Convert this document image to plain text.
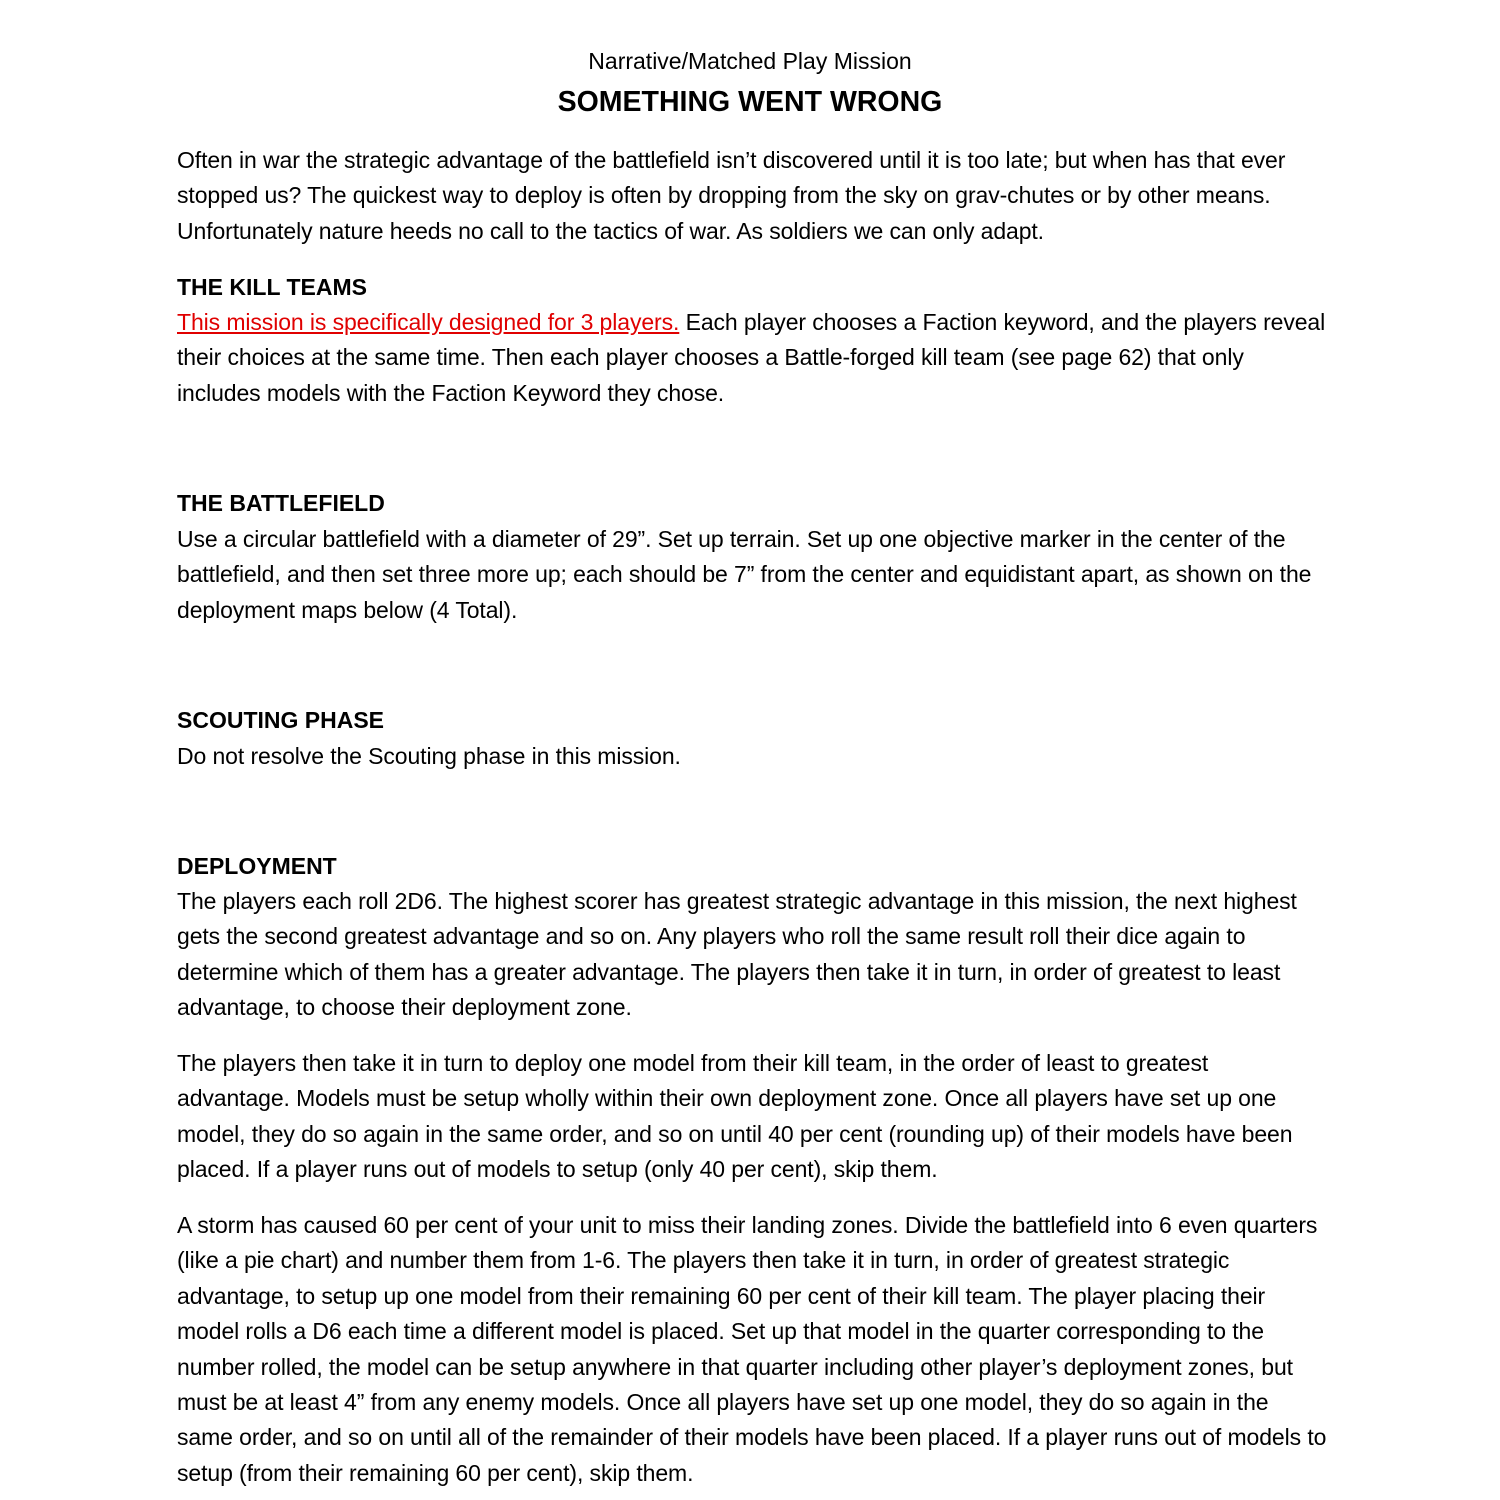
Narrative/Matched Play Mission
SOMETHING WENT WRONG
Often in war the strategic advantage of the battlefield isn’t discovered until it is too late; but when has that ever stopped us? The quickest way to deploy is often by dropping from the sky on grav-chutes or by other means. Unfortunately nature heeds no call to the tactics of war. As soldiers we can only adapt.
THE KILL TEAMS
This mission is specifically designed for 3 players. Each player chooses a Faction keyword, and the players reveal their choices at the same time. Then each player chooses a Battle-forged kill team (see page 62) that only includes models with the Faction Keyword they chose.
THE BATTLEFIELD
Use a circular battlefield with a diameter of 29”. Set up terrain. Set up one objective marker in the center of the battlefield, and then set three more up; each should be 7” from the center and equidistant apart, as shown on the deployment maps below (4 Total).
SCOUTING PHASE
Do not resolve the Scouting phase in this mission.
DEPLOYMENT
The players each roll 2D6. The highest scorer has greatest strategic advantage in this mission, the next highest gets the second greatest advantage and so on. Any players who roll the same result roll their dice again to determine which of them has a greater advantage. The players then take it in turn, in order of greatest to least advantage, to choose their deployment zone.
The players then take it in turn to deploy one model from their kill team, in the order of least to greatest advantage. Models must be setup wholly within their own deployment zone. Once all players have set up one model, they do so again in the same order, and so on until 40 per cent (rounding up) of their models have been placed. If a player runs out of models to setup (only 40 per cent), skip them.
A storm has caused 60 per cent of your unit to miss their landing zones. Divide the battlefield into 6 even quarters (like a pie chart) and number them from 1-6. The players then take it in turn, in order of greatest strategic advantage, to setup up one model from their remaining 60 per cent of their kill team. The player placing their model rolls a D6 each time a different model is placed. Set up that model in the quarter corresponding to the number rolled, the model can be setup anywhere in that quarter including other player’s deployment zones, but must be at least 4” from any enemy models. Once all players have set up one model, they do so again in the same order, and so on until all of the remainder of their models have been placed. If a player runs out of models to setup (from their remaining 60 per cent), skip them.
